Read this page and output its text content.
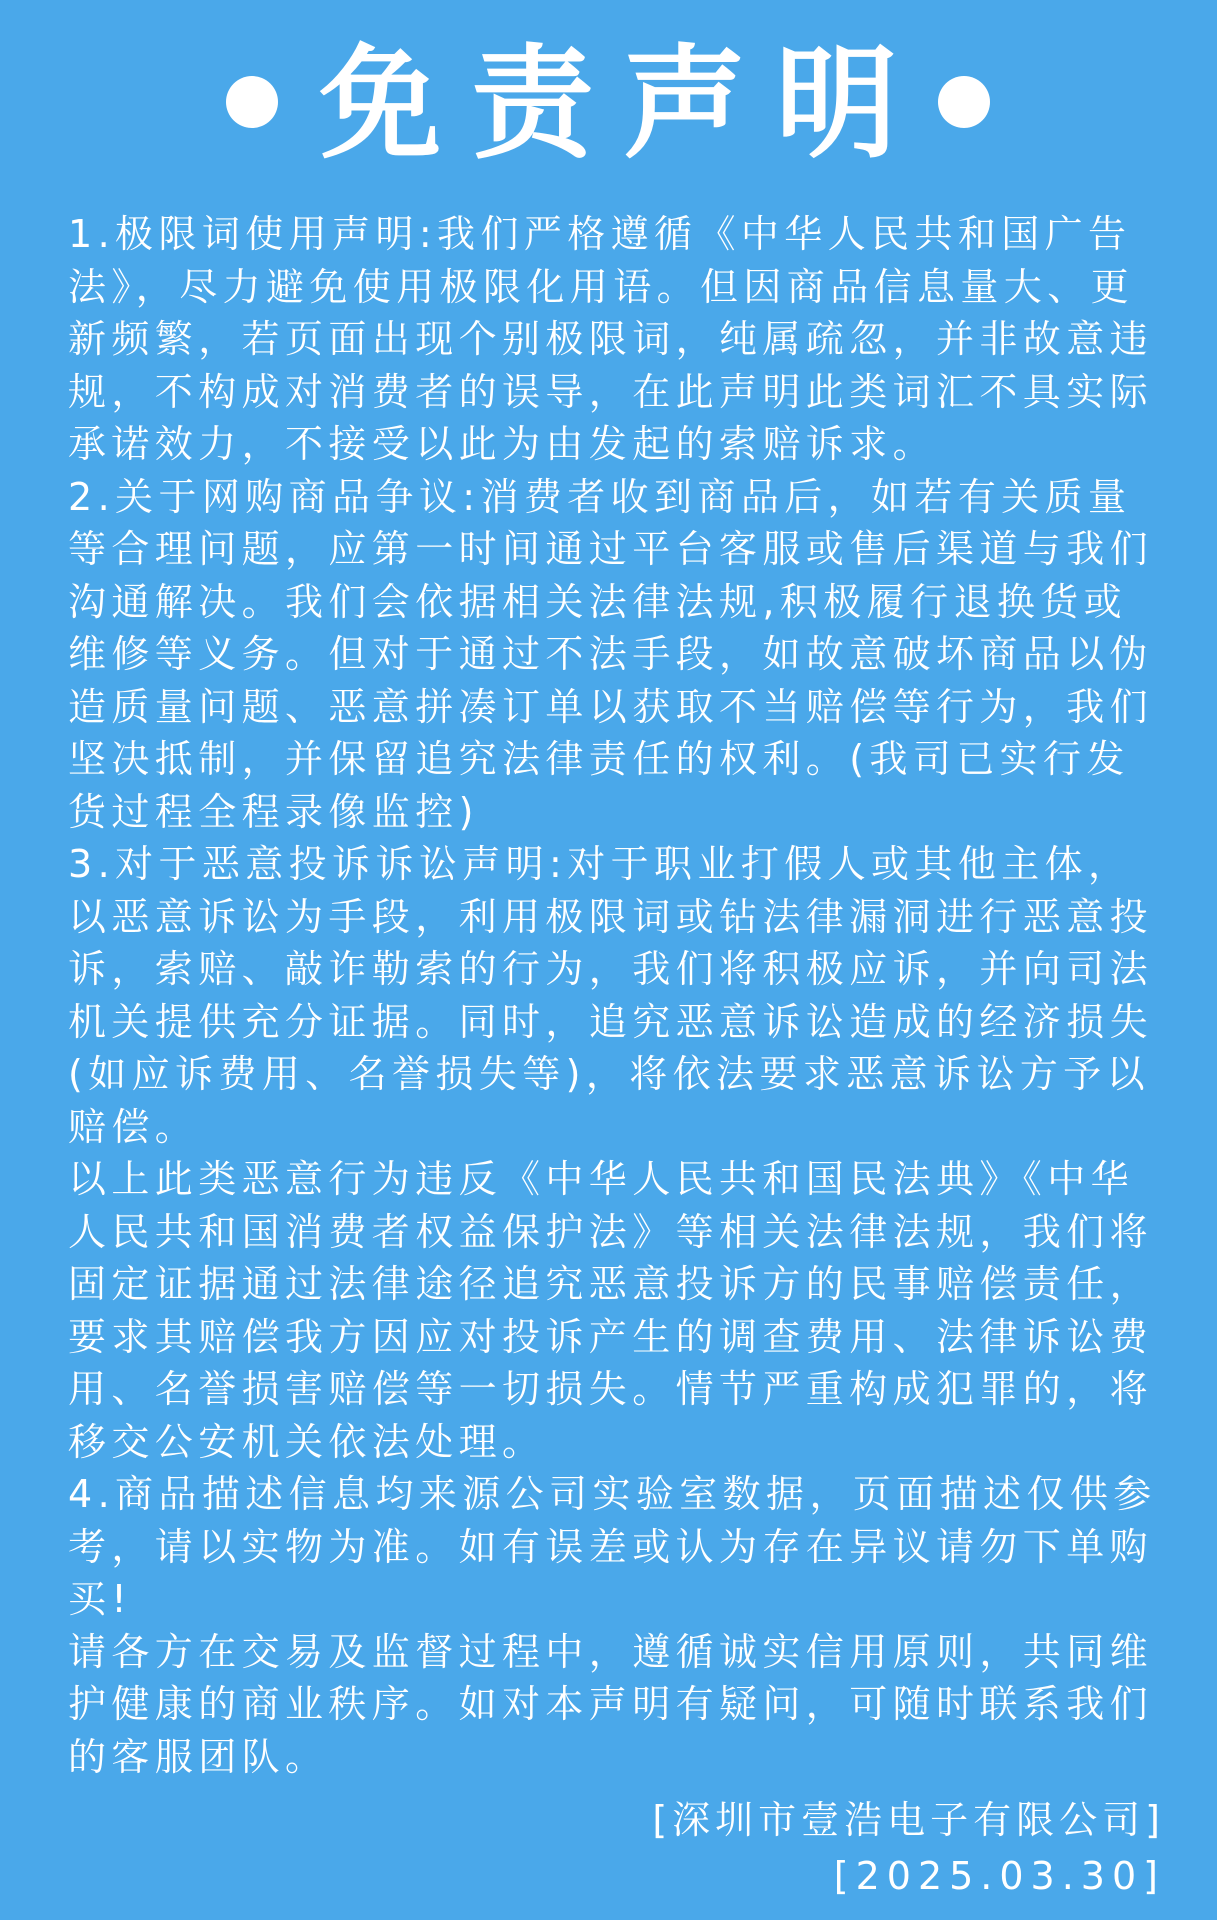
免责声明

1.极限词使用声明:我们严格遵循《中华人民共和国广告法》，尽力避免使用极限化用语。但因商品信息量大、更新频繁，若页面出现个别极限词，纯属疏忽，并非故意违规，不构成对消费者的误导，在此声明此类词汇不具实际承诺效力，不接受以此为由发起的索赔诉求。

2.关于网购商品争议:消费者收到商品后，如若有关质量等合理问题，应第一时间通过平台客服或售后渠道与我们沟通解决。我们会依据相关法律法规,积极履行退换货或维修等义务。但对于通过不法手段，如故意破坏商品以伪造质量问题、恶意拼凑订单以获取不当赔偿等行为，我们坚决抵制，并保留追究法律责任的权利。(我司已实行发货过程全程录像监控)

3.对于恶意投诉诉讼声明:对于职业打假人或其他主体，以恶意诉讼为手段，利用极限词或钻法律漏洞进行恶意投诉，索赔、敲诈勒索的行为，我们将积极应诉，并向司法机关提供充分证据。同时，追究恶意诉讼造成的经济损失(如应诉费用、名誉损失等)，将依法要求恶意诉讼方予以赔偿。

以上此类恶意行为违反《中华人民共和国民法典》《中华人民共和国消费者权益保护法》等相关法律法规，我们将固定证据通过法律途径追究恶意投诉方的民事赔偿责任，要求其赔偿我方因应对投诉产生的调查费用、法律诉讼费用、名誉损害赔偿等一切损失。情节严重构成犯罪的，将移交公安机关依法处理。

4.商品描述信息均来源公司实验室数据，页面描述仅供参考，请以实物为准。如有误差或认为存在异议请勿下单购买!

请各方在交易及监督过程中，遵循诚实信用原则，共同维护健康的商业秩序。如对本声明有疑问，可随时联系我们的客服团队。

[深圳市壹浩电子有限公司]
[2025.03.30]
